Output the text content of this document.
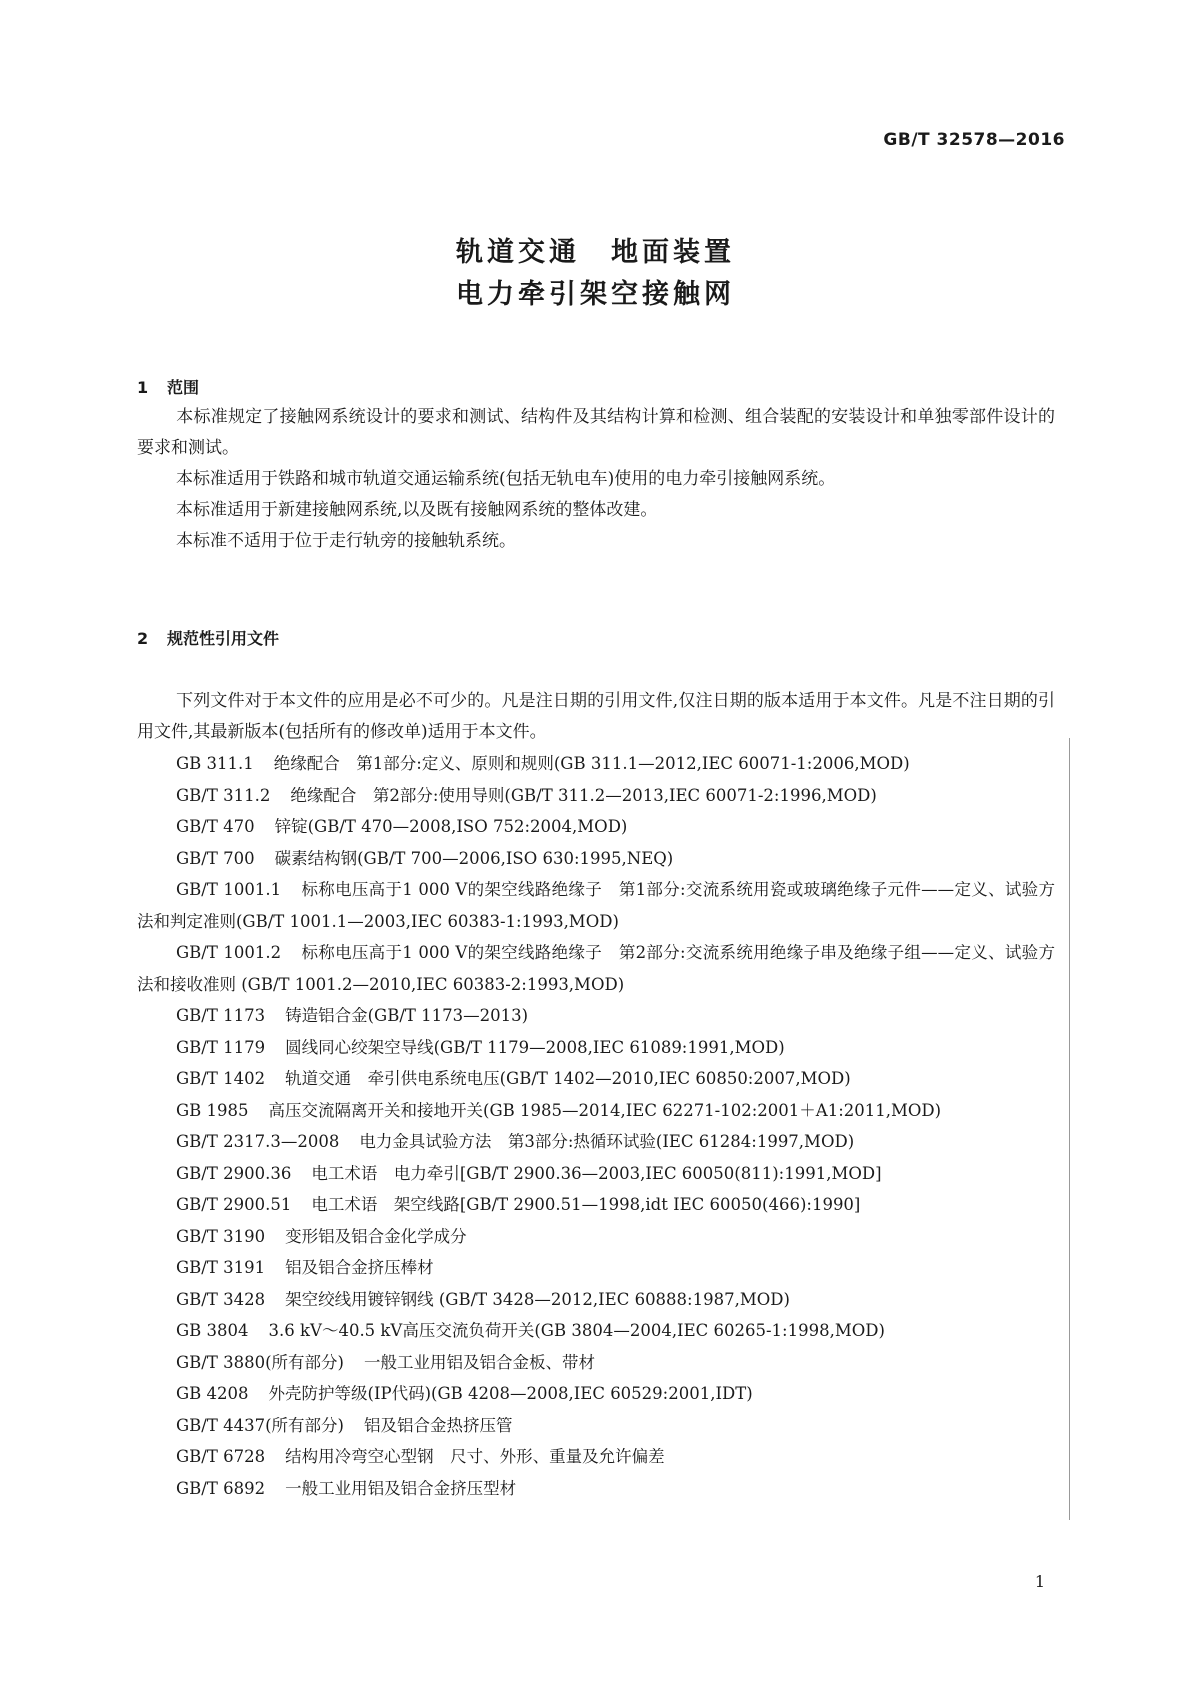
GB/T 32578—2016
轨道交通　地面装置
电力牵引架空接触网
1 范围
本标准规定了接触网系统设计的要求和测试、结构件及其结构计算和检测、组合装配的安装设计和单独零部件设计的要求和测试。
本标准适用于铁路和城市轨道交通运输系统(包括无轨电车)使用的电力牵引接触网系统。
本标准适用于新建接触网系统,以及既有接触网系统的整体改建。
本标准不适用于位于走行轨旁的接触轨系统。
2 规范性引用文件
下列文件对于本文件的应用是必不可少的。凡是注日期的引用文件,仅注日期的版本适用于本文件。凡是不注日期的引用文件,其最新版本(包括所有的修改单)适用于本文件。
GB 311.1 绝缘配合　第1部分:定义、原则和规则(GB 311.1—2012,IEC 60071-1:2006,MOD)
GB/T 311.2 绝缘配合　第2部分:使用导则(GB/T 311.2—2013,IEC 60071-2:1996,MOD)
GB/T 470 锌锭(GB/T 470—2008,ISO 752:2004,MOD)
GB/T 700 碳素结构钢(GB/T 700—2006,ISO 630:1995,NEQ)
GB/T 1001.1 标称电压高于1 000 V的架空线路绝缘子　第1部分:交流系统用瓷或玻璃绝缘子元件——定义、试验方法和判定准则(GB/T 1001.1—2003,IEC 60383-1:1993,MOD)
GB/T 1001.2 标称电压高于1 000 V的架空线路绝缘子　第2部分:交流系统用绝缘子串及绝缘子组——定义、试验方法和接收准则 (GB/T 1001.2—2010,IEC 60383-2:1993,MOD)
GB/T 1173 铸造铝合金(GB/T 1173—2013)
GB/T 1179 圆线同心绞架空导线(GB/T 1179—2008,IEC 61089:1991,MOD)
GB/T 1402 轨道交通　牵引供电系统电压(GB/T 1402—2010,IEC 60850:2007,MOD)
GB 1985 高压交流隔离开关和接地开关(GB 1985—2014,IEC 62271-102:2001＋A1:2011,MOD)
GB/T 2317.3—2008 电力金具试验方法　第3部分:热循环试验(IEC 61284:1997,MOD)
GB/T 2900.36 电工术语　电力牵引[GB/T 2900.36—2003,IEC 60050(811):1991,MOD]
GB/T 2900.51 电工术语　架空线路[GB/T 2900.51—1998,idt IEC 60050(466):1990]
GB/T 3190 变形铝及铝合金化学成分
GB/T 3191 铝及铝合金挤压棒材
GB/T 3428 架空绞线用镀锌钢线 (GB/T 3428—2012,IEC 60888:1987,MOD)
GB 3804 3.6 kV～40.5 kV高压交流负荷开关(GB 3804—2004,IEC 60265-1:1998,MOD)
GB/T 3880(所有部分) 一般工业用铝及铝合金板、带材
GB 4208 外壳防护等级(IP代码)(GB 4208—2008,IEC 60529:2001,IDT)
GB/T 4437(所有部分) 铝及铝合金热挤压管
GB/T 6728 结构用冷弯空心型钢　尺寸、外形、重量及允许偏差
GB/T 6892 一般工业用铝及铝合金挤压型材
1
